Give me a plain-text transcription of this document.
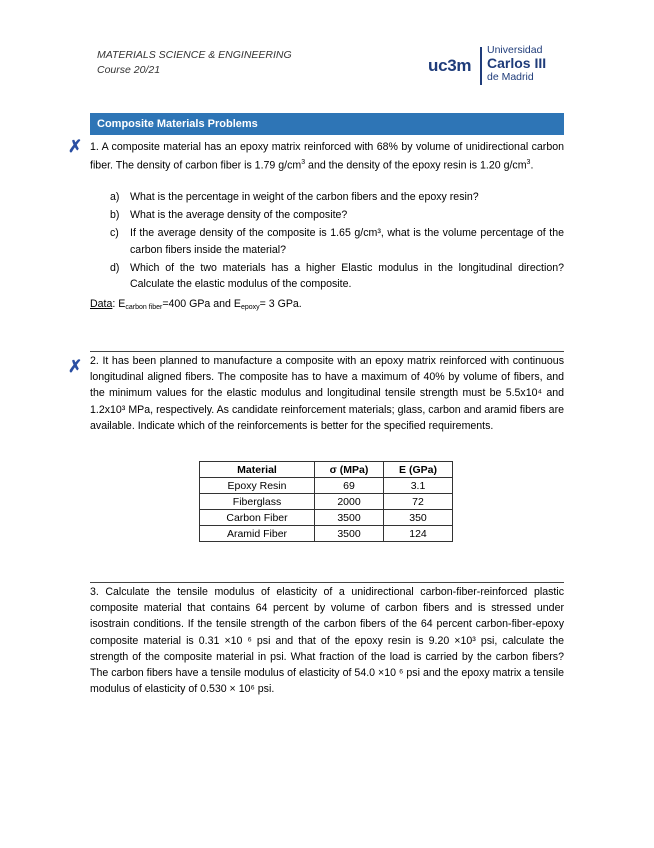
MATERIALS SCIENCE & ENGINEERING
Course 20/21	uc3m
Universidad
Carlos III
de Madrid
Composite Materials Problems
✗ 1. A composite material has an epoxy matrix reinforced with 68% by volume of unidirectional carbon fiber. The density of carbon fiber is 1.79 $g/cm^3$ and the density of the epoxy resin is 1.20 $g/cm^3$.
a) What is the percentage in weight of the carbon fibers and the epoxy resin?
b) What is the average density of the composite?
c)	If the average density of the composite is 1.65 g/cm³, what is the volume percentage of the carbon fibers inside the material?
d) Which of the two materials has a higher Elastic modulus in the longitudinal direction? Calculate the elastic modulus of the composite.
Data: Ecarbon fiber=400 GPa and Eepoxy= 3 GPa.
✗ 2. It has been planned to manufacture a composite with an epoxy matrix reinforced with continuous longitudinal aligned fibers. The composite has to have a maximum of 40% by volume of fibers, and the minimum values for the elastic modulus and longitudinal tensile strength must be 5.5x10⁴ and 1.2x10³ MPa, respectively. As candidate reinforcement materials; glass, carbon and aramid fibers are available. Indicate which of the reinforcements is better for the specified requirements.
Material	σ (MPa)	E (GPa)
Epoxy Resin	69	3.1
Fiberglass	2000	72
Carbon Fiber	3500	350
Aramid Fiber	3500	124
3. Calculate the tensile modulus of elasticity of a unidirectional carbon-fiber-reinforced plastic composite material that contains 64 percent by volume of carbon fibers and is stressed under isostrain conditions. If the tensile strength of the carbon fibers of the 64 percent carbon-fiber-epoxy composite material is 0.31 ×10 ⁶ psi and that of the epoxy resin is 9.20 ×10³ psi, calculate the strength of the composite material in psi. What fraction of the load is carried by the carbon fibers? The carbon fibers have a tensile modulus of elasticity of 54.0 ×10 ⁶ psi and the epoxy matrix a tensile modulus of elasticity of 0.530 × 10⁶ psi.
